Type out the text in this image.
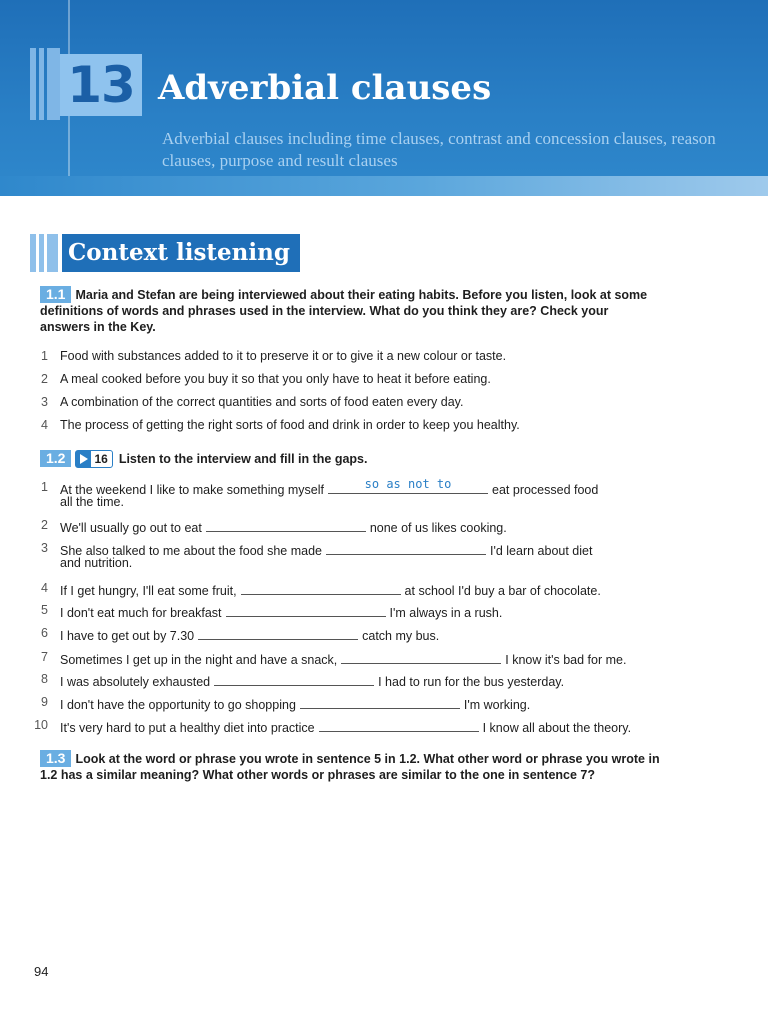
13 Adverbial clauses
Adverbial clauses including time clauses, contrast and concession clauses, reason clauses, purpose and result clauses
Context listening
1.1 Maria and Stefan are being interviewed about their eating habits. Before you listen, look at some definitions of words and phrases used in the interview. What do you think they are? Check your answers in the Key.
1 Food with substances added to it to preserve it or to give it a new colour or taste.
2 A meal cooked before you buy it so that you only have to heat it before eating.
3 A combination of the correct quantities and sorts of food eaten every day.
4 The process of getting the right sorts of food and drink in order to keep you healthy.
1.2 16 Listen to the interview and fill in the gaps.
1 At the weekend I like to make something myself	so as not to	eat processed food
all the time.
2 We'll usually go out to eat	none of us likes cooking.
3 She also talked to me about the food she made	I'd learn about diet
and nutrition.
4 If I get hungry, I'll eat some fruit,	at school I'd buy a bar of chocolate.
5 I don't eat much for breakfast	I'm always in a rush.
6 I have to get out by 7.30	catch my bus.
7 Sometimes I get up in the night and have a snack,	I know it's bad for me.
8 I was absolutely exhausted	I had to run for the bus yesterday.
9 I don't have the opportunity to go shopping	I'm working.
10 It's very hard to put a healthy diet into practice	I know all about the theory.
1.3 Look at the word or phrase you wrote in sentence 5 in 1.2. What other word or phrase you wrote in 1.2 has a similar meaning? What other words or phrases are similar to the one in sentence 7?
94
